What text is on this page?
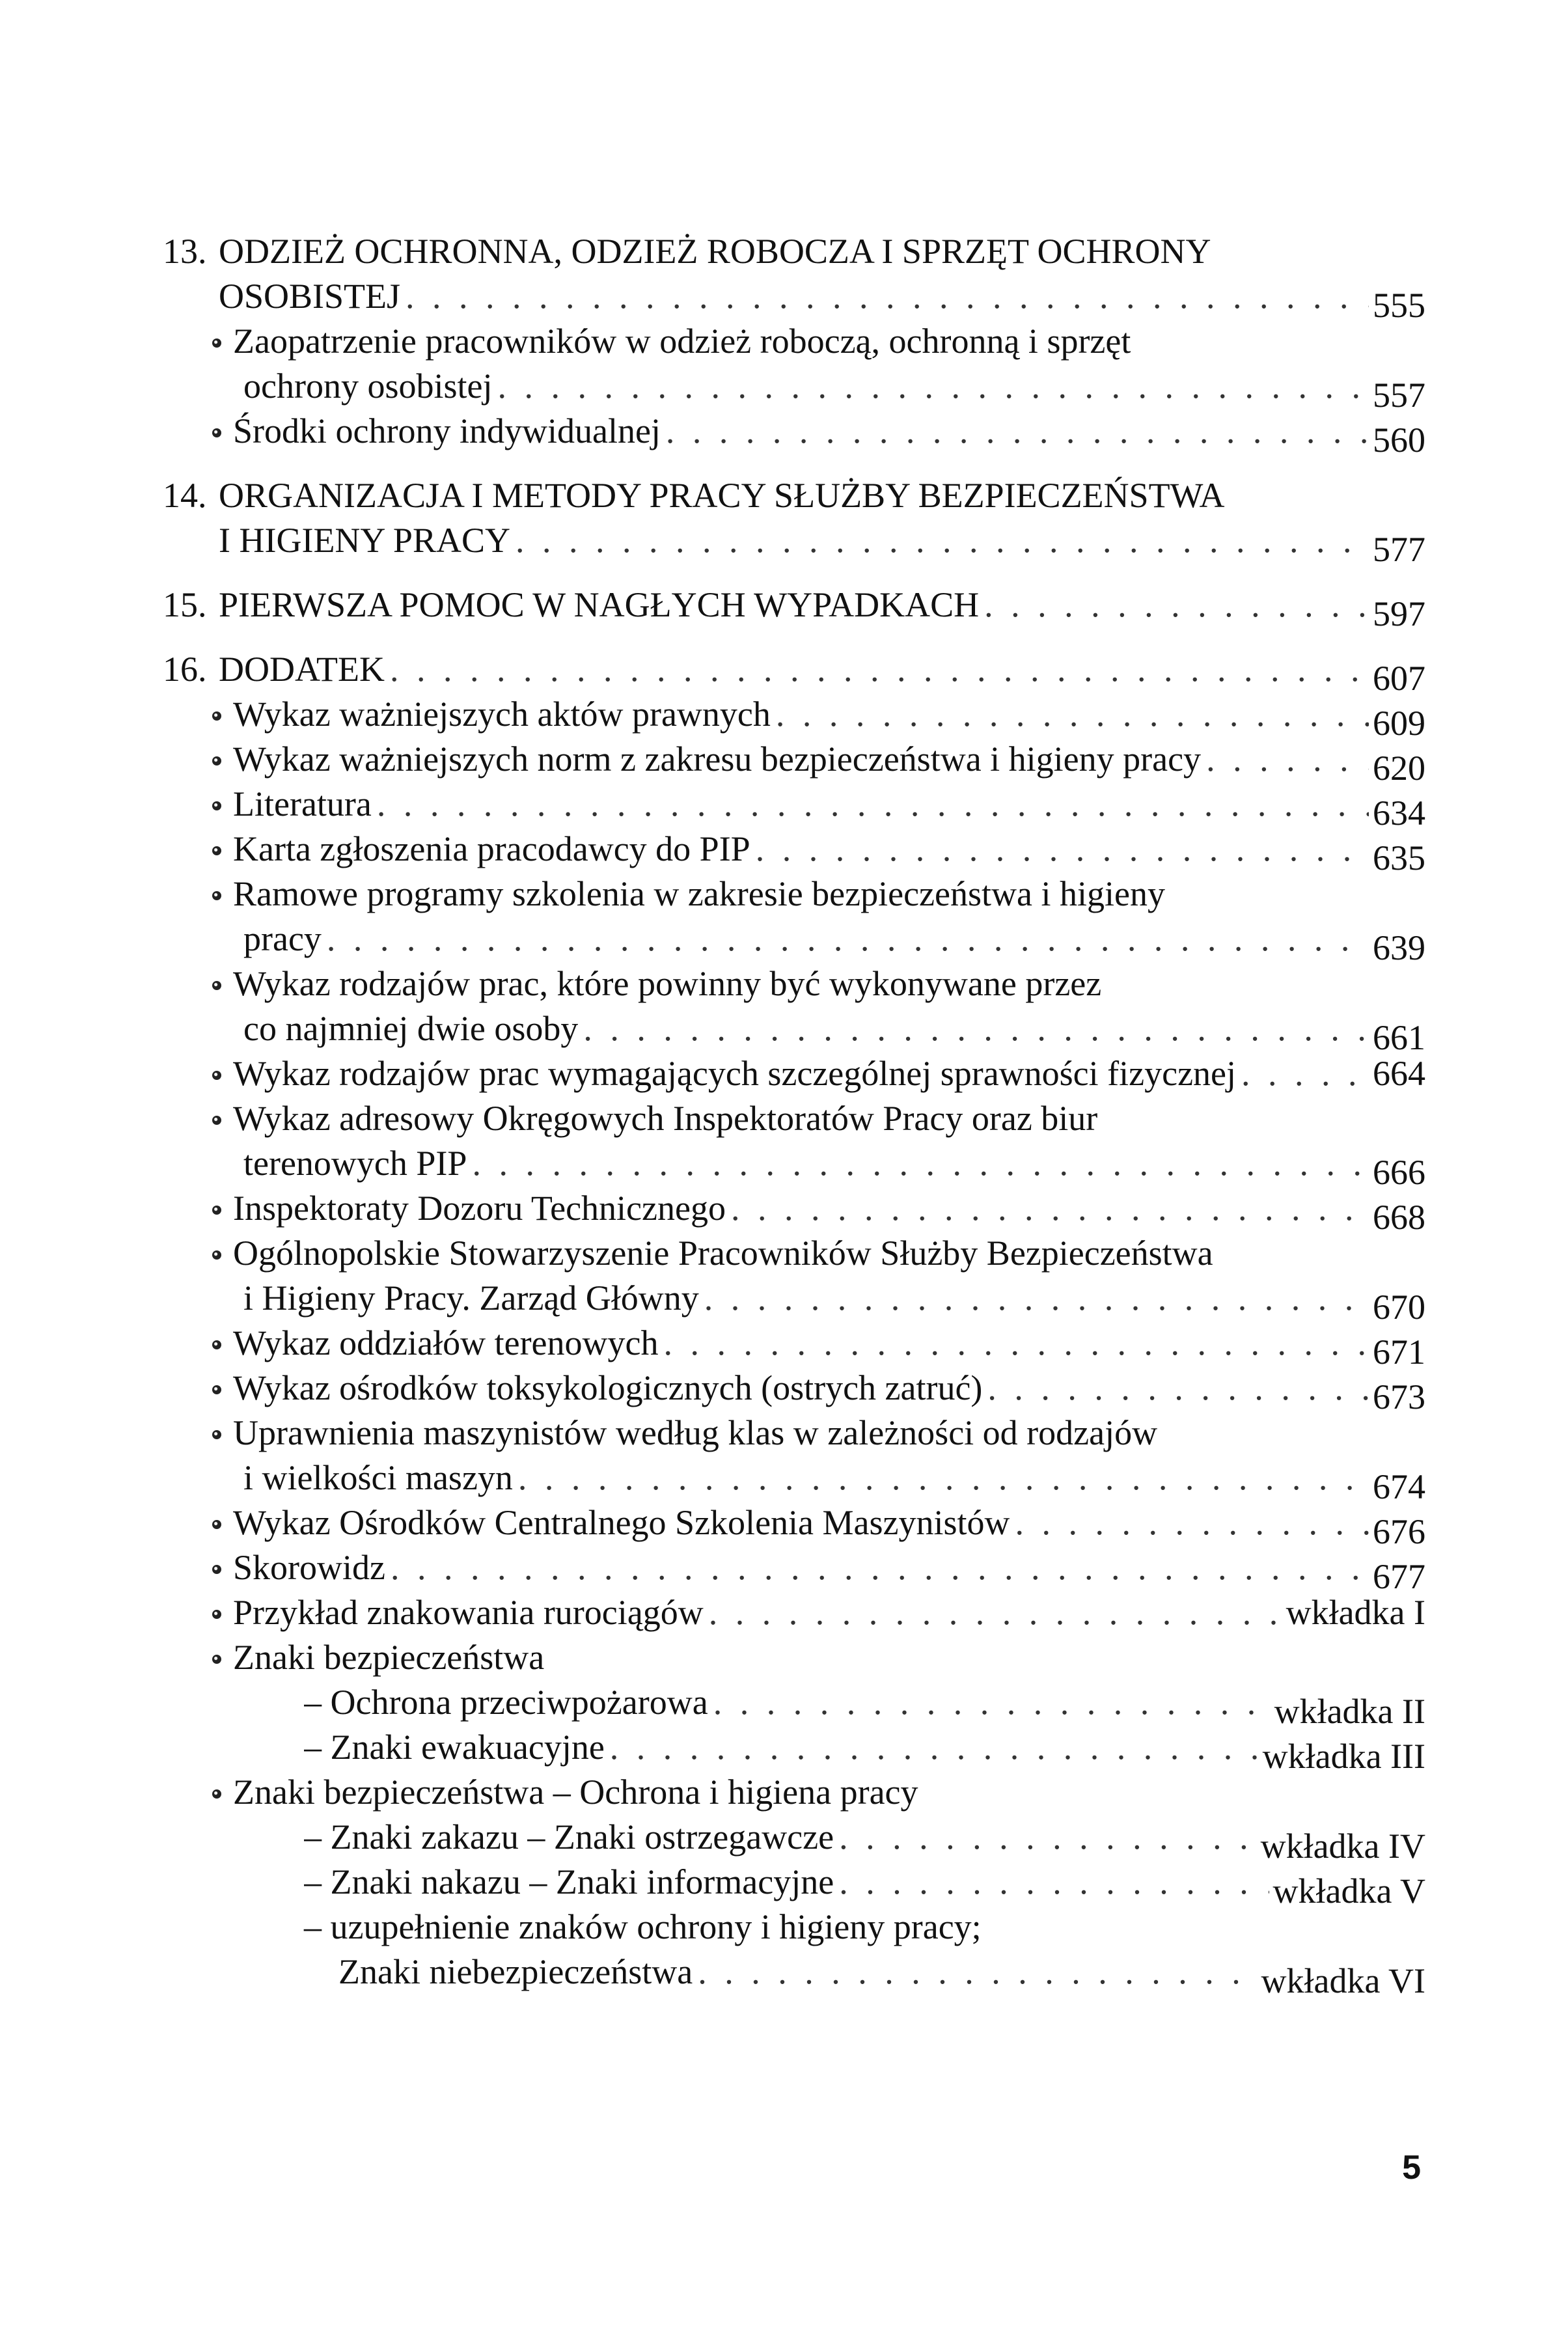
13. ODZIEŻ OCHRONNA, ODZIEŻ ROBOCZA I SPRZĘT OCHRONY
OSOBISTEJ . . .	555
Zaopatrzenie pracowników w odzież roboczą, ochronną i sprzęt
ochrony osobistej . . .	557
Środki ochrony indywidualnej . . .	560
14. ORGANIZACJA I METODY PRACY SŁUŻBY BEZPIECZEŃSTWA
I HIGIENY PRACY . . .	577
15. PIERWSZA POMOC W NAGŁYCH WYPADKACH . . .	597
16. DODATEK . . .	607
Wykaz ważniejszych aktów prawnych . . .	609
Wykaz ważniejszych norm z zakresu bezpieczeństwa i higieny pracy . . .	620
Literatura . . .	634
Karta zgłoszenia pracodawcy do PIP . . .	635
Ramowe programy szkolenia w zakresie bezpieczeństwa i higieny
pracy . . .	639
Wykaz rodzajów prac, które powinny być wykonywane przez
co najmniej dwie osoby . . .	661
Wykaz rodzajów prac wymagających szczególnej sprawności fizycznej . . .	664
Wykaz adresowy Okręgowych Inspektoratów Pracy oraz biur
terenowych PIP . . .	666
Inspektoraty Dozoru Technicznego . . .	668
Ogólnopolskie Stowarzyszenie Pracowników Służby Bezpieczeństwa
i Higieny Pracy. Zarząd Główny . . .	670
Wykaz oddziałów terenowych . . .	671
Wykaz ośrodków toksykologicznych (ostrych zatruć) . . .	673
Uprawnienia maszynistów według klas w zależności od rodzajów
i wielkości maszyn . . .	674
Wykaz Ośrodków Centralnego Szkolenia Maszynistów . . .	676
Skorowidz . . .	677
Przykład znakowania rurociągów . . .	wkładka I
Znaki bezpieczeństwa
– Ochrona przeciwpożarowa . . .	wkładka II
– Znaki ewakuacyjne . . .	wkładka III
Znaki bezpieczeństwa – Ochrona i higiena pracy
– Znaki zakazu – Znaki ostrzegawcze . . .	wkładka IV
– Znaki nakazu – Znaki informacyjne . . .	wkładka V
– uzupełnienie znaków ochrony i higieny pracy;
Znaki niebezpieczeństwa . . .	wkładka VI
5
